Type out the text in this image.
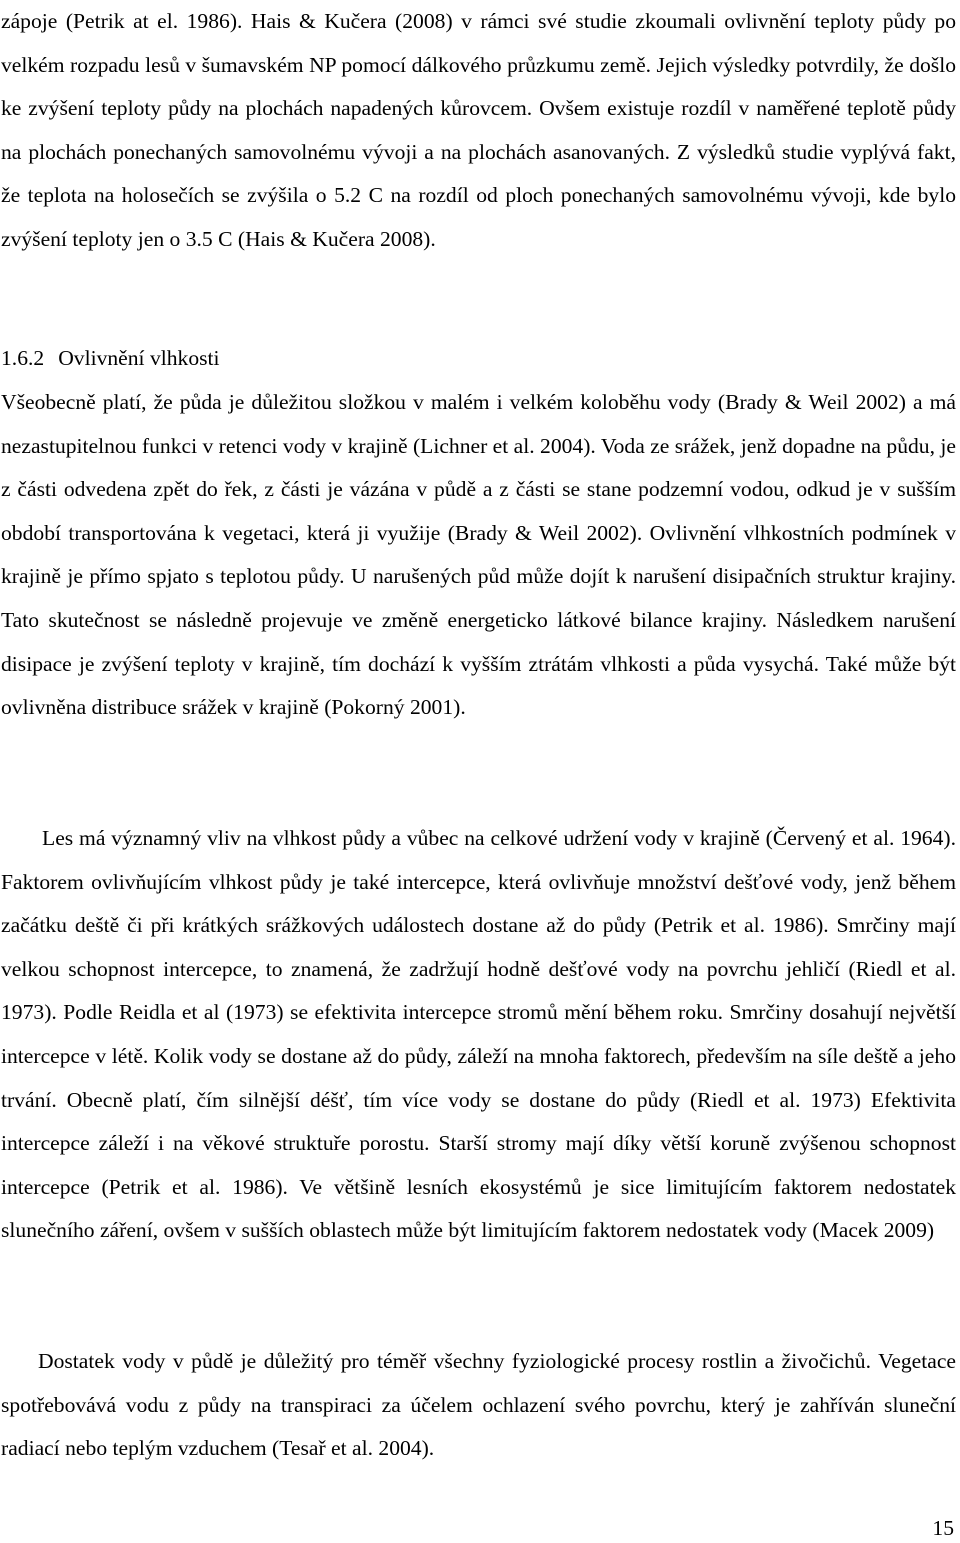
zápoje (Petrik at el. 1986). Hais & Kučera (2008) v rámci své studie zkoumali ovlivnění teploty půdy po velkém rozpadu lesů v šumavském NP pomocí dálkového průzkumu země. Jejich výsledky potvrdily, že došlo ke zvýšení teploty půdy na plochách napadených kůrovcem. Ovšem existuje rozdíl v naměřené teplotě půdy na plochách ponechaných samovolnému vývoji a na plochách asanovaných. Z výsledků studie vyplývá fakt, že teplota na holosečích se zvýšila o 5.2 C na rozdíl od ploch ponechaných samovolnému vývoji, kde bylo zvýšení teploty jen o 3.5 C (Hais & Kučera 2008).

1.6.2 Ovlivnění vlhkosti

Všeobecně platí, že půda je důležitou složkou v malém i velkém koloběhu vody (Brady & Weil 2002) a má nezastupitelnou funkci v retenci vody v krajině (Lichner et al. 2004). Voda ze srážek, jenž dopadne na půdu, je z části odvedena zpět do řek, z části je vázána v půdě a z části se stane podzemní vodou, odkud je v sušším období transportována k vegetaci, která ji využije (Brady & Weil 2002). Ovlivnění vlhkostních podmínek v krajině je přímo spjato s teplotou půdy. U narušených půd může dojít k narušení disipačních struktur krajiny. Tato skutečnost se následně projevuje ve změně energeticko látkové bilance krajiny. Následkem narušení disipace je zvýšení teploty v krajině, tím dochází k vyšším ztrátám vlhkosti a půda vysychá. Také může být ovlivněna distribuce srážek v krajině (Pokorný 2001).

Les má významný vliv na vlhkost půdy a vůbec na celkové udržení vody v krajině (Červený et al. 1964). Faktorem ovlivňujícím vlhkost půdy je také intercepce, která ovlivňuje množství dešťové vody, jenž během začátku deště či při krátkých srážkových událostech dostane až do půdy (Petrik et al. 1986). Smrčiny mají velkou schopnost intercepce, to znamená, že zadržují hodně dešťové vody na povrchu jehličí (Riedl et al. 1973). Podle Reidla et al (1973) se efektivita intercepce stromů mění během roku. Smrčiny dosahují největší intercepce v létě. Kolik vody se dostane až do půdy, záleží na mnoha faktorech, především na síle deště a jeho trvání. Obecně platí, čím silnější déšť, tím více vody se dostane do půdy (Riedl et al. 1973) Efektivita intercepce záleží i na věkové struktuře porostu. Starší stromy mají díky větší koruně zvýšenou schopnost intercepce (Petrik et al. 1986). Ve většině lesních ekosystémů je sice limitujícím faktorem nedostatek slunečního záření, ovšem v sušších oblastech může být limitujícím faktorem nedostatek vody (Macek 2009)

Dostatek vody v půdě je důležitý pro téměř všechny fyziologické procesy rostlin a živočichů. Vegetace spotřebovává vodu z půdy na transpiraci za účelem ochlazení svého povrchu, který je zahříván sluneční radiací nebo teplým vzduchem (Tesař et al. 2004).

15
